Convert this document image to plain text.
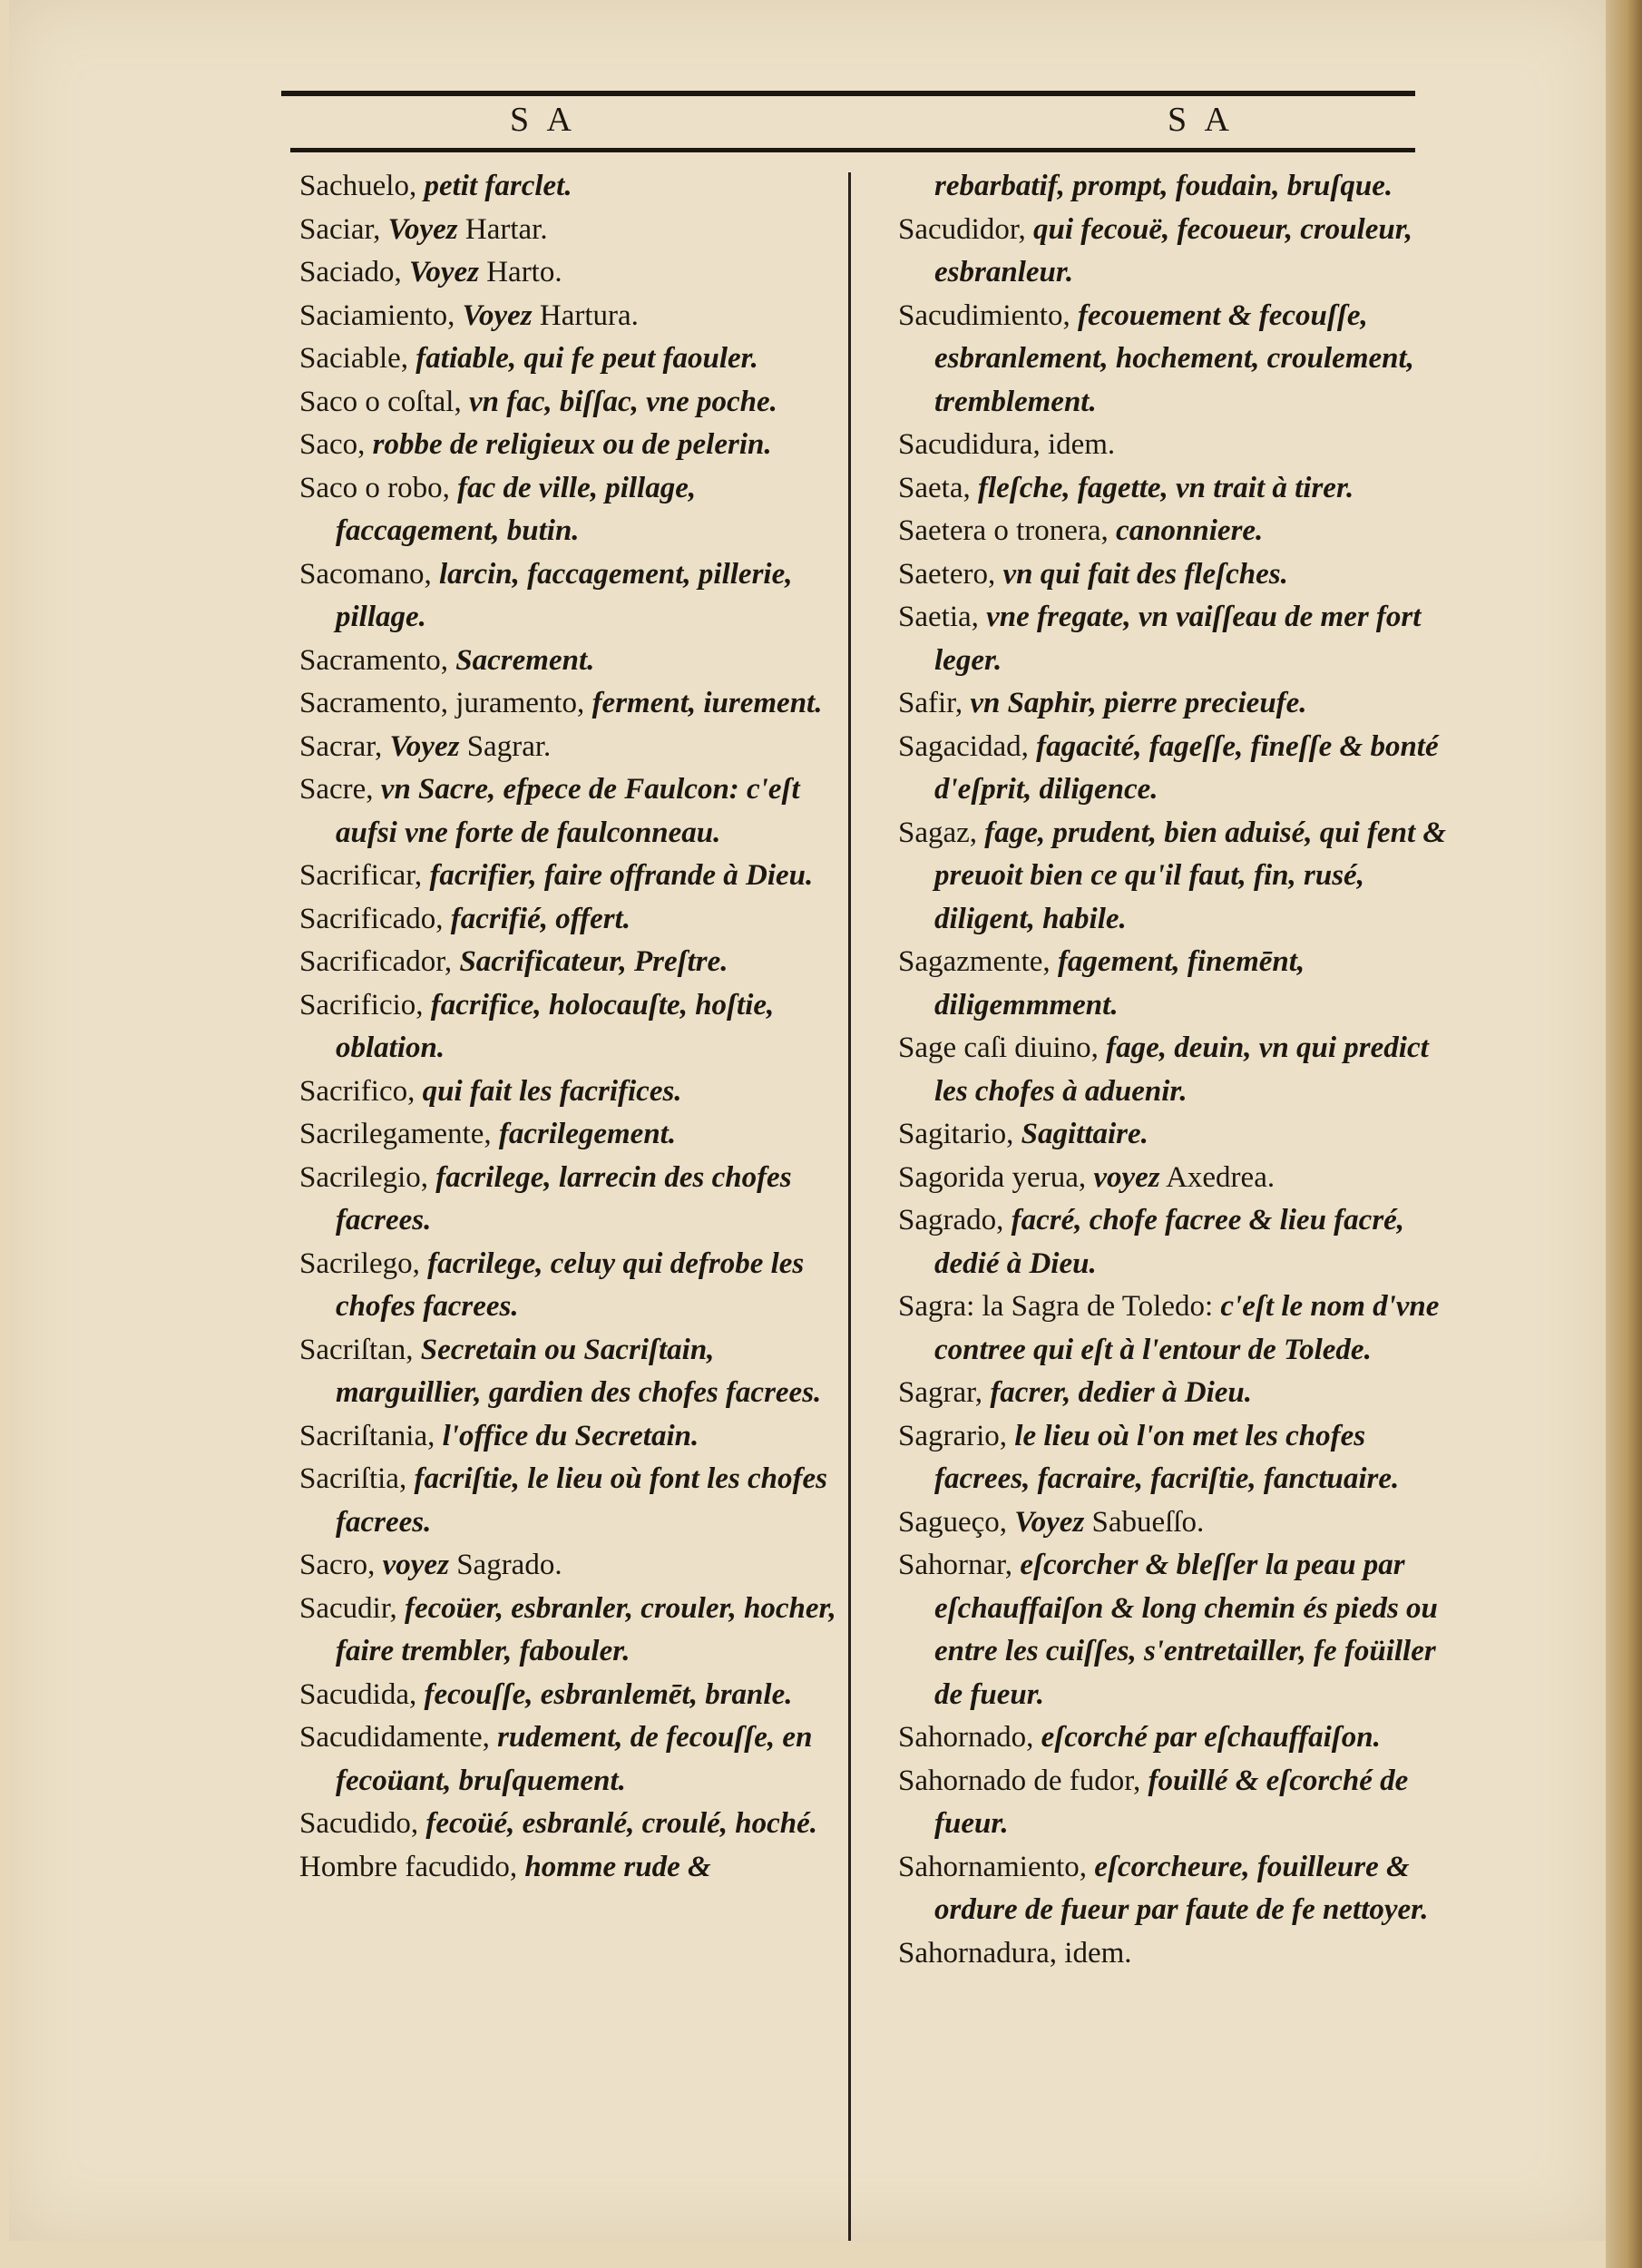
S A	S A
Sachuelo, petit farclet.
Saciar, Voyez Hartar.
Saciado, Voyez Harto.
Saciamiento, Voyez Hartura.
Saciable, fatiable, qui fe peut faouler.
Saco o coſtal, vn fac, biſſac, vne poche.
Saco, robbe de religieux ou de pelerin.
Saco o robo, fac de ville, pillage, faccagement, butin.
Sacomano, larcin, faccagement, pillerie, pillage.
Sacramento, Sacrement.
Sacramento, juramento, ferment, iurement.
Sacrar, Voyez Sagrar.
Sacre, vn Sacre, efpece de Faulcon: c'eſt aufsi vne forte de faulconneau.
Sacrificar, facrifier, faire offrande à Dieu.
Sacrificado, facrifié, offert.
Sacrificador, Sacrificateur, Preſtre.
Sacrificio, facrifice, holocauſte, hoſtie, oblation.
Sacrifico, qui fait les facrifices.
Sacrilegamente, facrilegement.
Sacrilegio, facrilege, larrecin des chofes facrees.
Sacrilego, facrilege, celuy qui defrobe les chofes facrees.
Sacriſtan, Secretain ou Sacriſtain, marguillier, gardien des chofes facrees.
Sacriſtania, l'office du Secretain.
Sacriſtia, facriſtie, le lieu où font les chofes facrees.
Sacro, voyez Sagrado.
Sacudir, fecoüer, esbranler, crouler, hocher, faire trembler, fabouler.
Sacudida, fecouſſe, esbranlemēt, branle.
Sacudidamente, rudement, de fecouſſe, en fecoüant, bruſquement.
Sacudido, fecoüé, esbranlé, croulé, hoché.
Hombre facudido, homme rude &
rebarbatif, prompt, foudain, bruſque.
Sacudidor, qui fecouë, fecoueur, crouleur, esbranleur.
Sacudimiento, fecouement & fecouſſe, esbranlement, hochement, croulement, tremblement.
Sacudidura, idem.
Saeta, fleſche, fagette, vn trait à tirer.
Saetera o tronera, canonniere.
Saetero, vn qui fait des fleſches.
Saetia, vne fregate, vn vaiſſeau de mer fort leger.
Safir, vn Saphir, pierre precieufe.
Sagacidad, fagacité, fageſſe, fineſſe & bonté d'eſprit, diligence.
Sagaz, fage, prudent, bien aduisé, qui fent & preuoit bien ce qu'il faut, fin, rusé, diligent, habile.
Sagazmente, fagement, finemēnt, diligemmment.
Sage caſi diuino, fage, deuin, vn qui predict les chofes à aduenir.
Sagitario, Sagittaire.
Sagorida yerua, voyez Axedrea.
Sagrado, facré, chofe facree & lieu facré, dedié à Dieu.
Sagra: la Sagra de Toledo: c'eſt le nom d'vne contree qui eſt à l'entour de Tolede.
Sagrar, facrer, dedier à Dieu.
Sagrario, le lieu où l'on met les chofes facrees, facraire, facriſtie, fanctuaire.
Sagueço, Voyez Sabueſſo.
Sahornar, eſcorcher & bleſſer la peau par eſchauffaiſon & long chemin és pieds ou entre les cuiſſes, s'entretailler, fe foüiller de fueur.
Sahornado, eſcorché par eſchauffaiſon.
Sahornado de fudor, fouillé & eſcorché de fueur.
Sahornamiento, eſcorcheure, fouilleure & ordure de fueur par faute de fe nettoyer.
Sahornadura, idem.
